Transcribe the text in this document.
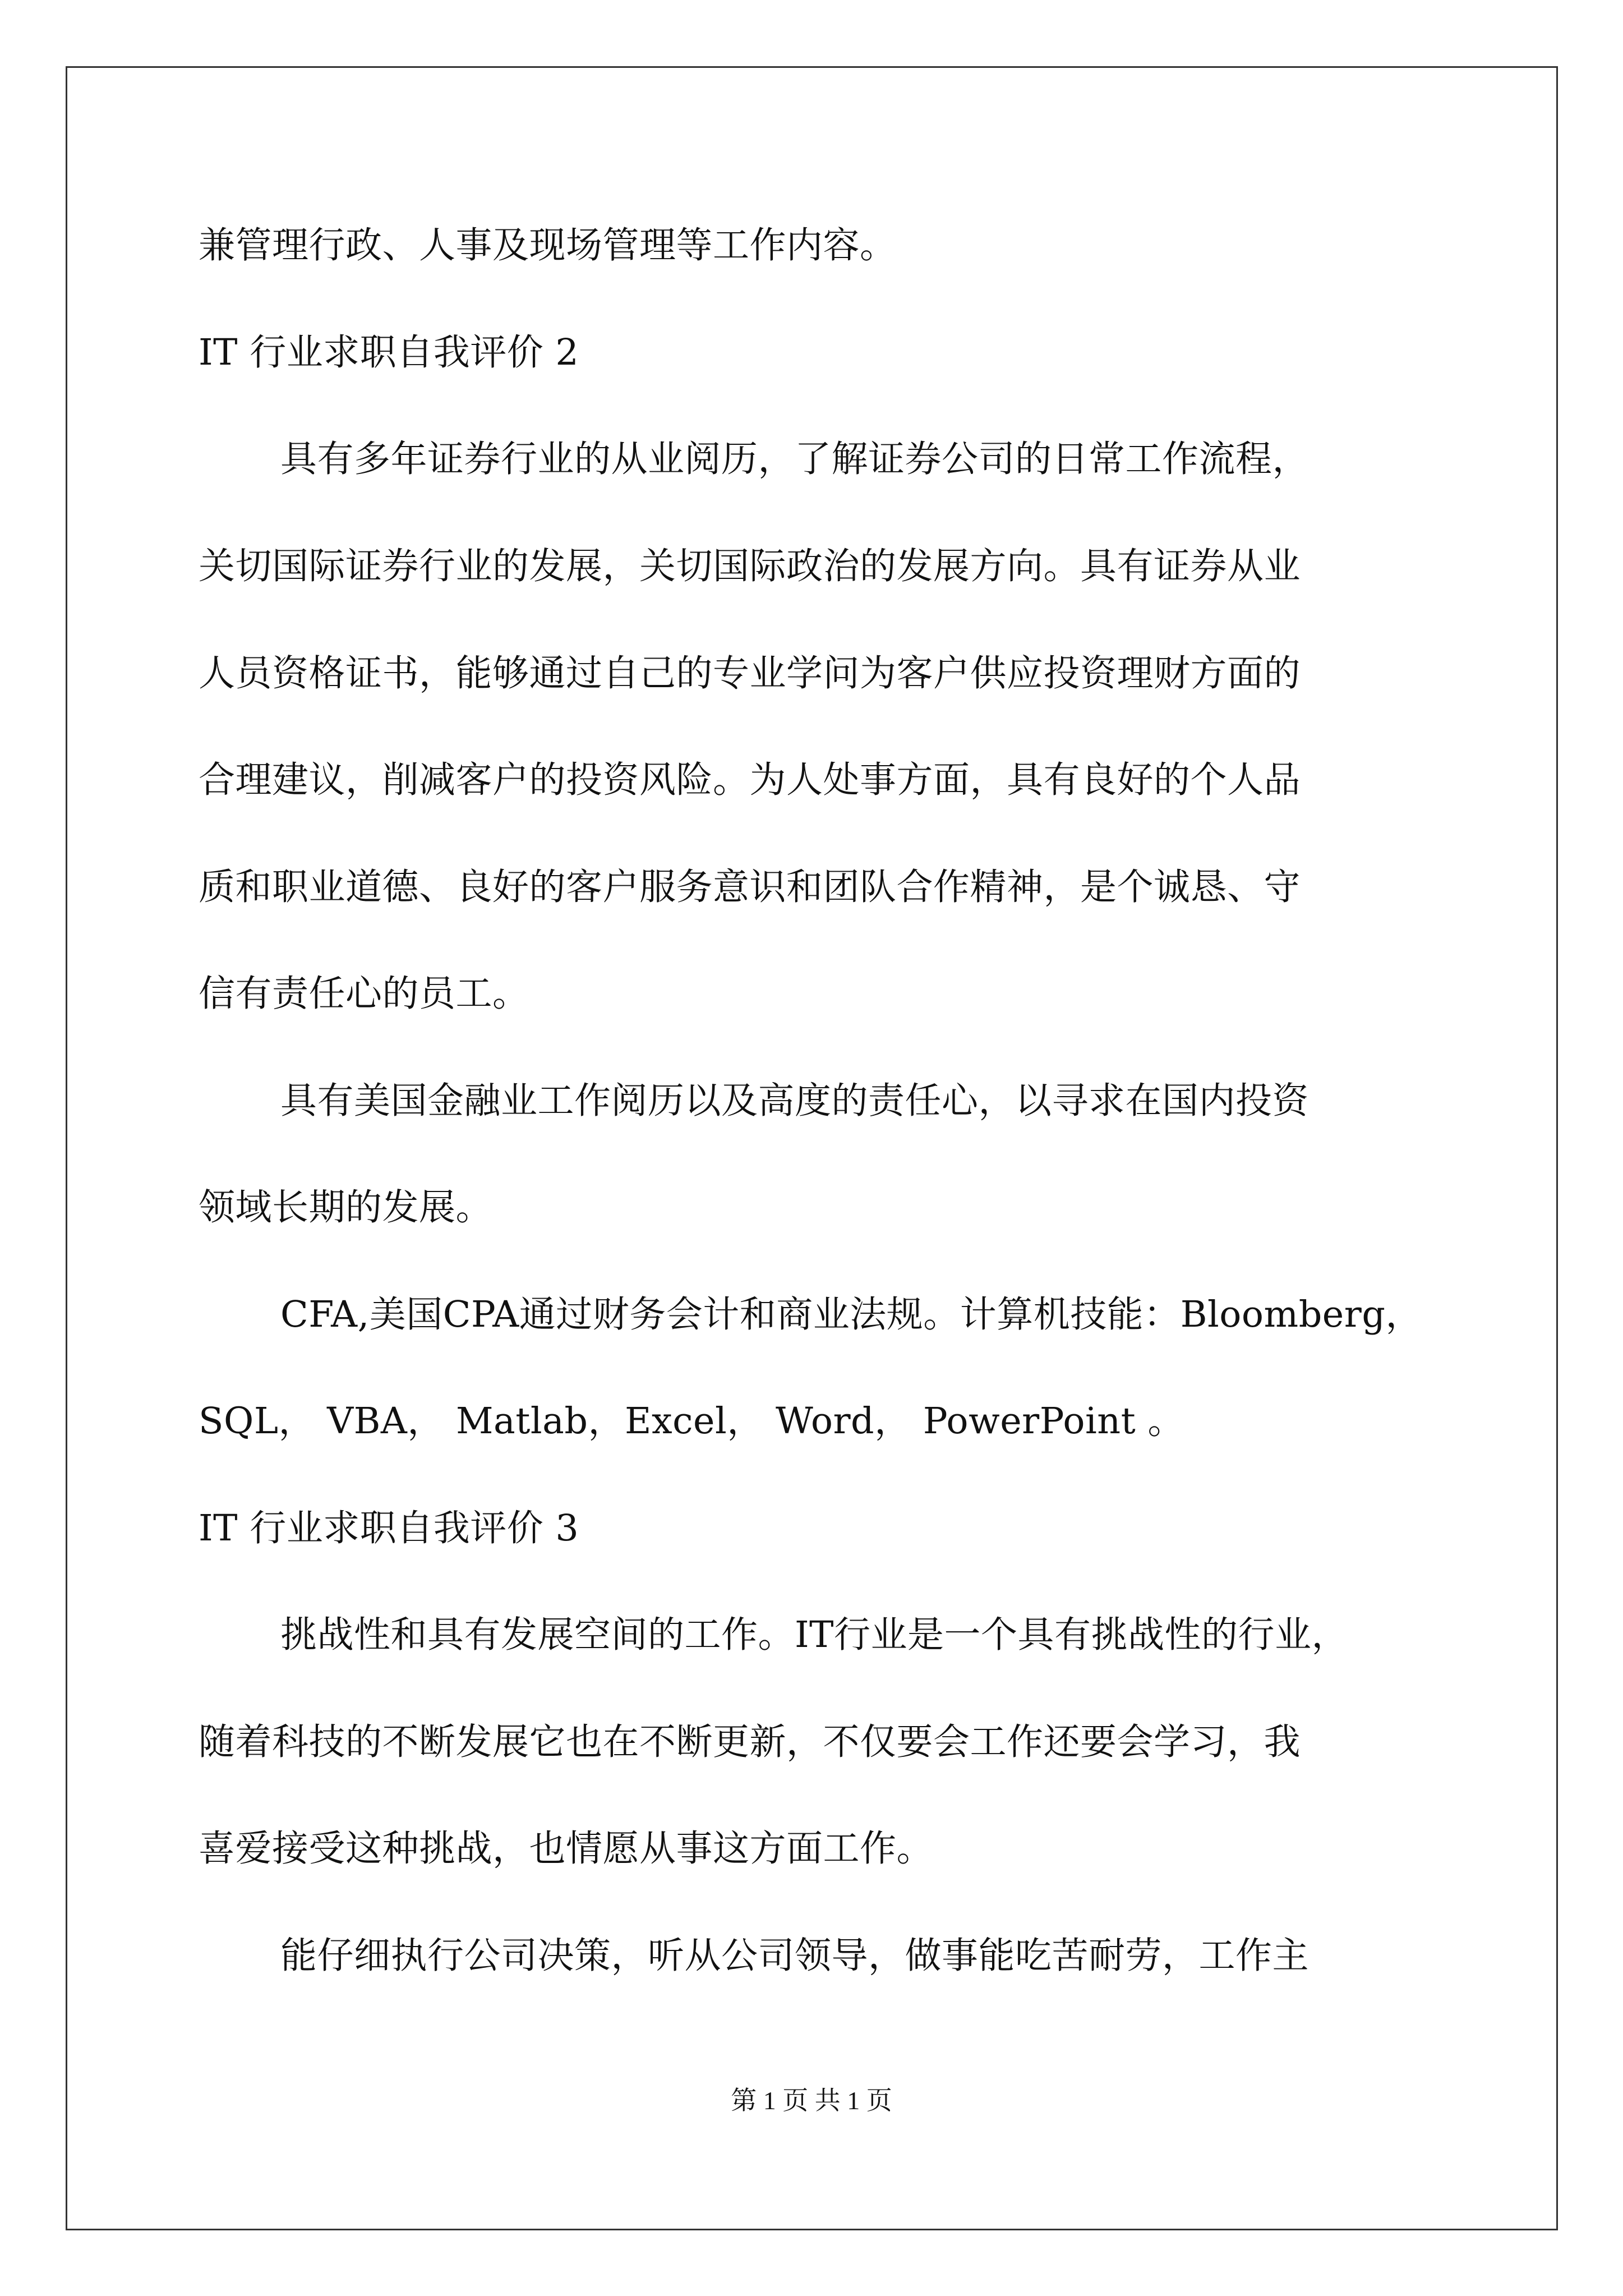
兼管理行政、人事及现场管理等工作内容。
IT 行业求职自我评价 2
具有多年证券行业的从业阅历，了解证券公司的日常工作流程，
关切国际证券行业的发展，关切国际政治的发展方向。具有证券从业
人员资格证书，能够通过自己的专业学问为客户供应投资理财方面的
合理建议，削减客户的投资风险。为人处事方面，具有良好的个人品
质和职业道德、良好的客户服务意识和团队合作精神，是个诚恳、守
信有责任心的员工。
具有美国金融业工作阅历以及高度的责任心，以寻求在国内投资
领域长期的发展。
CFA,美国CPA通过财务会计和商业法规。计算机技能：Bloomberg，
SQL， VBA， Matlab，Excel， Word， PowerPoint 。
IT 行业求职自我评价 3
挑战性和具有发展空间的工作。IT行业是一个具有挑战性的行业，
随着科技的不断发展它也在不断更新，不仅要会工作还要会学习，我
喜爱接受这种挑战，也情愿从事这方面工作。
能仔细执行公司决策，听从公司领导，做事能吃苦耐劳，工作主
第 1 页 共 1 页
